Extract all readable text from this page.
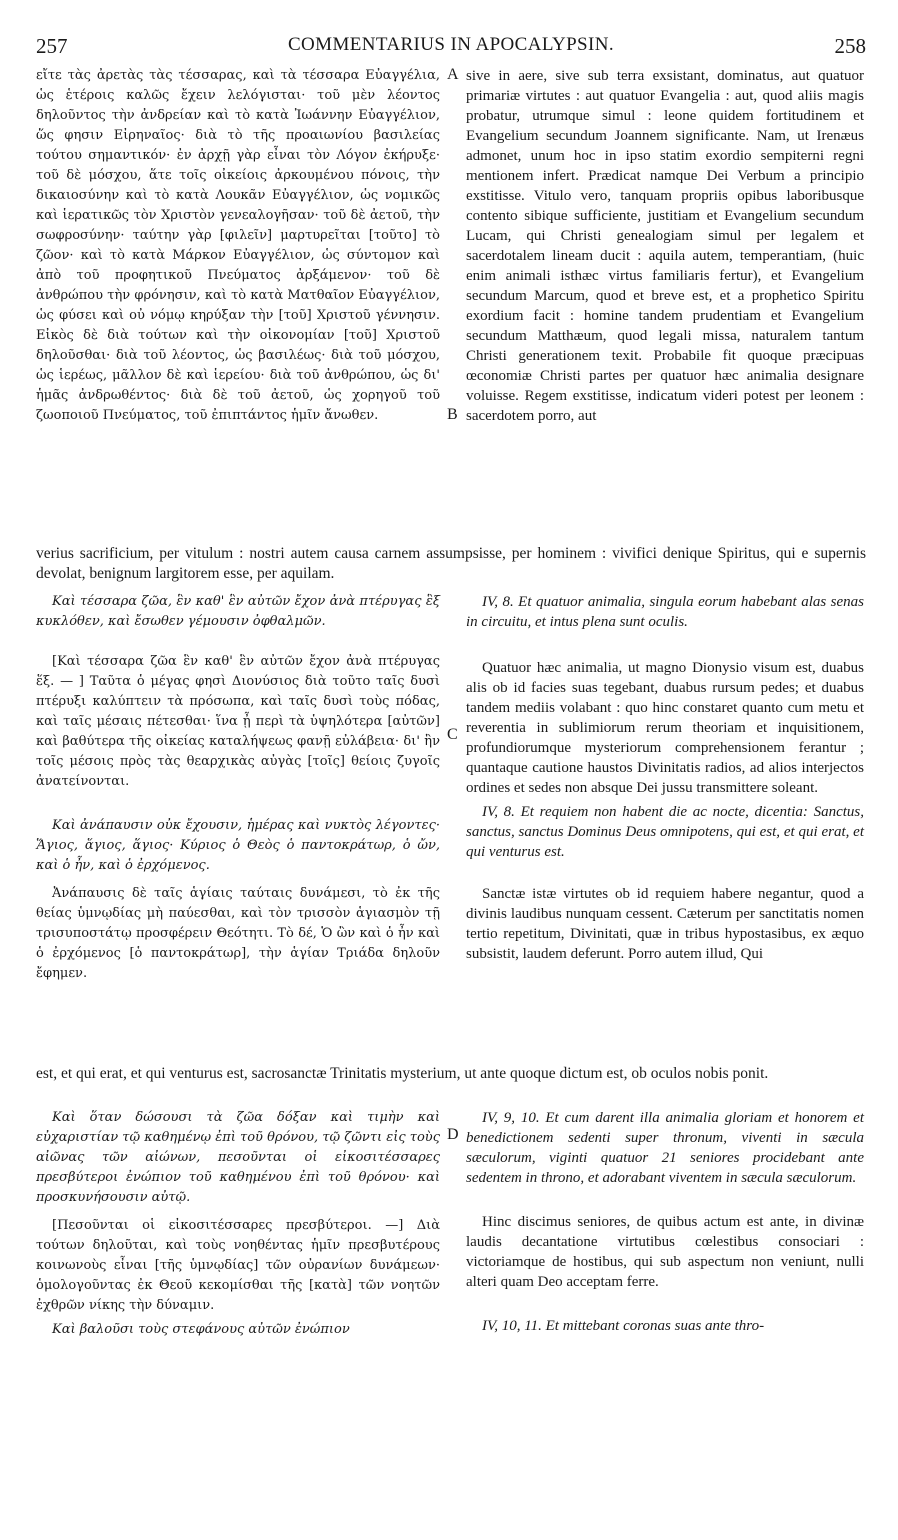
257	COMMENTARIUS IN APOCALYPSIN.	258
A
B
C
D

εἴτε τὰς ἀρετὰς τὰς τέσσαρας, καὶ τὰ τέσσαρα Εὐαγγέλια, ὡς ἑτέροις καλῶς ἔχειν λελόγισται· τοῦ μὲν λέοντος δηλοῦντος τὴν ἀνδρείαν καὶ τὸ κατὰ Ἰωάννην Εὐαγγέλιον, ὥς φησιν Εἰρηναῖος· διὰ τὸ τῆς προαιωνίου βασιλείας τούτου σημαντικόν· ἐν ἀρχῇ γὰρ εἶναι τὸν Λόγον ἐκήρυξε· τοῦ δὲ μόσχου, ἅτε τοῖς οἰκείοις ἀρκουμένου πόνοις, τὴν δικαιοσύνην καὶ τὸ κατὰ Λουκᾶν Εὐαγγέλιον, ὡς νομικῶς καὶ ἱερατικῶς τὸν Χριστὸν γενεαλογῆσαν· τοῦ δὲ ἀετοῦ, τὴν σωφροσύνην· ταύτην γὰρ [φιλεῖν] μαρτυρεῖται [τοῦτο] τὸ ζῶον· καὶ τὸ κατὰ Μάρκον Εὐαγγέλιον, ὡς σύντομον καὶ ἀπὸ τοῦ προφητικοῦ Πνεύματος ἀρξάμενον· τοῦ δὲ ἀνθρώπου τὴν φρόνησιν, καὶ τὸ κατὰ Ματθαῖον Εὐαγγέλιον, ὡς φύσει καὶ οὐ νόμῳ κηρύξαν τὴν [τοῦ] Χριστοῦ γέννησιν. Εἰκὸς δὲ διὰ τούτων καὶ τὴν οἰκονομίαν [τοῦ] Χριστοῦ δηλοῦσθαι· διὰ τοῦ λέοντος, ὡς βασιλέως· διὰ τοῦ μόσχου, ὡς ἱερέως, μᾶλλον δὲ καὶ ἱερείου· διὰ τοῦ ἀνθρώπου, ὡς δι' ἡμᾶς ἀνδρωθέντος· διὰ δὲ τοῦ ἀετοῦ, ὡς χορηγοῦ τοῦ ζωοποιοῦ Πνεύματος, τοῦ ἐπιπτάντος ἡμῖν ἄνωθεν.

sive in aere, sive sub terra exsistant, dominatus, aut quatuor primariæ virtutes : aut quatuor Evangelia : aut, quod aliis magis probatur, utrumque simul : leone quidem fortitudinem et Evangelium secundum Joannem significante. Nam, ut Irenæus admonet, unum hoc in ipso statim exordio sempiterni regni mentionem infert. Prædicat namque Dei Verbum a principio exstitisse. Vitulo vero, tanquam propriis opibus laboribusque contento sibique sufficiente, justitiam et Evangelium secundum Lucam, qui Christi genealogiam simul per legalem et sacerdotalem lineam ducit : aquila autem, temperantiam, (huic enim animali isthæc virtus familiaris fertur), et Evangelium secundum Marcum, quod et breve est, et a prophetico Spiritu exordium facit : homine tandem prudentiam et Evangelium secundum Matthæum, quod legali missa, naturalem tantum Christi generationem texit. Probabile fit quoque præcipuas œconomiæ Christi partes per quatuor hæc animalia designare voluisse. Regem exstitisse, indicatum videri potest per leonem : sacerdotem porro, aut

verius sacrificium, per vitulum : nostri autem causa carnem assumpsisse, per hominem : vivifici denique Spiritus, qui e supernis devolat, benignum largitorem esse, per aquilam.

Καὶ τέσσαρα ζῶα, ἓν καθ' ἓν αὐτῶν ἔχον ἀνὰ πτέρυγας ἓξ κυκλόθεν, καὶ ἔσωθεν γέμουσιν ὀφθαλμῶν.

[Καὶ τέσσαρα ζῶα ἓν καθ' ἓν αὐτῶν ἔχον ἀνὰ πτέρυγας ἕξ. — ] Ταῦτα ὁ μέγας φησὶ Διονύσιος διὰ τοῦτο ταῖς δυσὶ πτέρυξι καλύπτειν τὰ πρόσωπα, καὶ ταῖς δυσὶ τοὺς πόδας, καὶ ταῖς μέσαις πέτεσθαι· ἵνα ᾖ περὶ τὰ ὑψηλότερα [αὐτῶν] καὶ βαθύτερα τῆς οἰκείας καταλήψεως φανῇ εὐλάβεια· δι' ἣν τοῖς μέσοις πρὸς τὰς θεαρχικὰς αὐγὰς [τοῖς] θείοις ζυγοῖς ἀνατείνονται.

Καὶ ἀνάπαυσιν οὐκ ἔχουσιν, ἡμέρας καὶ νυκτὸς λέγοντες· Ἅγιος, ἅγιος, ἅγιος· Κύριος ὁ Θεὸς ὁ παντοκράτωρ, ὁ ὤν, καὶ ὁ ἦν, καὶ ὁ ἐρχόμενος.

Ἀνάπαυσις δὲ ταῖς ἁγίαις ταύταις δυνάμεσι, τὸ ἐκ τῆς θείας ὑμνῳδίας μὴ παύεσθαι, καὶ τὸν τρισσὸν ἁγιασμὸν τῇ τρισυποστάτῳ προσφέρειν Θεότητι. Τὸ δέ, Ὁ ὢν καὶ ὁ ἦν καὶ ὁ ἐρχόμενος [ὁ παντοκράτωρ], τὴν ἁγίαν Τριάδα δηλοῦν ἔφημεν.

IV, 8. Et quatuor animalia, singula eorum habebant alas senas in circuitu, et intus plena sunt oculis.

Quatuor hæc animalia, ut magno Dionysio visum est, duabus alis ob id facies suas tegebant, duabus rursum pedes; et duabus tandem mediis volabant : quo hinc constaret quanto cum metu et reverentia in sublimiorum rerum theoriam et inquisitionem, profundiorumque mysteriorum comprehensionem ferantur ; quantaque cautione haustos Divinitatis radios, ad alios interjectos ordines et sedes non absque Dei jussu transmittere soleant.

IV, 8. Et requiem non habent die ac nocte, dicentia: Sanctus, sanctus, sanctus Dominus Deus omnipotens, qui est, et qui erat, et qui venturus est.

Sanctæ istæ virtutes ob id requiem habere negantur, quod a divinis laudibus nunquam cessent. Cæterum per sanctitatis nomen tertio repetitum, Divinitati, quæ in tribus hypostasibus, ex æquo subsistit, laudem deferunt. Porro autem illud, Qui

est, et qui erat, et qui venturus est, sacrosanctæ Trinitatis mysterium, ut ante quoque dictum est, ob oculos nobis ponit.

Καὶ ὅταν δώσουσι τὰ ζῶα δόξαν καὶ τιμὴν καὶ εὐχαριστίαν τῷ καθημένῳ ἐπὶ τοῦ θρόνου, τῷ ζῶντι εἰς τοὺς αἰῶνας τῶν αἰώνων, πεσοῦνται οἱ εἰκοσιτέσσαρες πρεσβύτεροι ἐνώπιον τοῦ καθημένου ἐπὶ τοῦ θρόνου· καὶ προσκυνήσουσιν αὐτῷ.

[Πεσοῦνται οἱ εἰκοσιτέσσαρες πρεσβύτεροι. —] Διὰ τούτων δηλοῦται, καὶ τοὺς νοηθέντας ἡμῖν πρεσβυτέρους κοινωνοὺς εἶναι [τῆς ὑμνῳδίας] τῶν οὐρανίων δυνάμεων· ὁμολογοῦντας ἐκ Θεοῦ κεκομίσθαι τῆς [κατὰ] τῶν νοητῶν ἐχθρῶν νίκης τὴν δύναμιν.

Καὶ βαλοῦσι τοὺς στεφάνους αὐτῶν ἐνώπιον

IV, 9, 10. Et cum darent illa animalia gloriam et honorem et benedictionem sedenti super thronum, viventi in sæcula sæculorum, viginti quatuor 21 seniores procidebant ante sedentem in throno, et adorabant viventem in sæcula sæculorum.

Hinc discimus seniores, de quibus actum est ante, in divinæ laudis decantatione virtutibus cœlestibus consociari : victoriamque de hostibus, qui sub aspectum non veniunt, nulli alteri quam Deo acceptam ferre.

IV, 10, 11. Et mittebant coronas suas ante thro-
